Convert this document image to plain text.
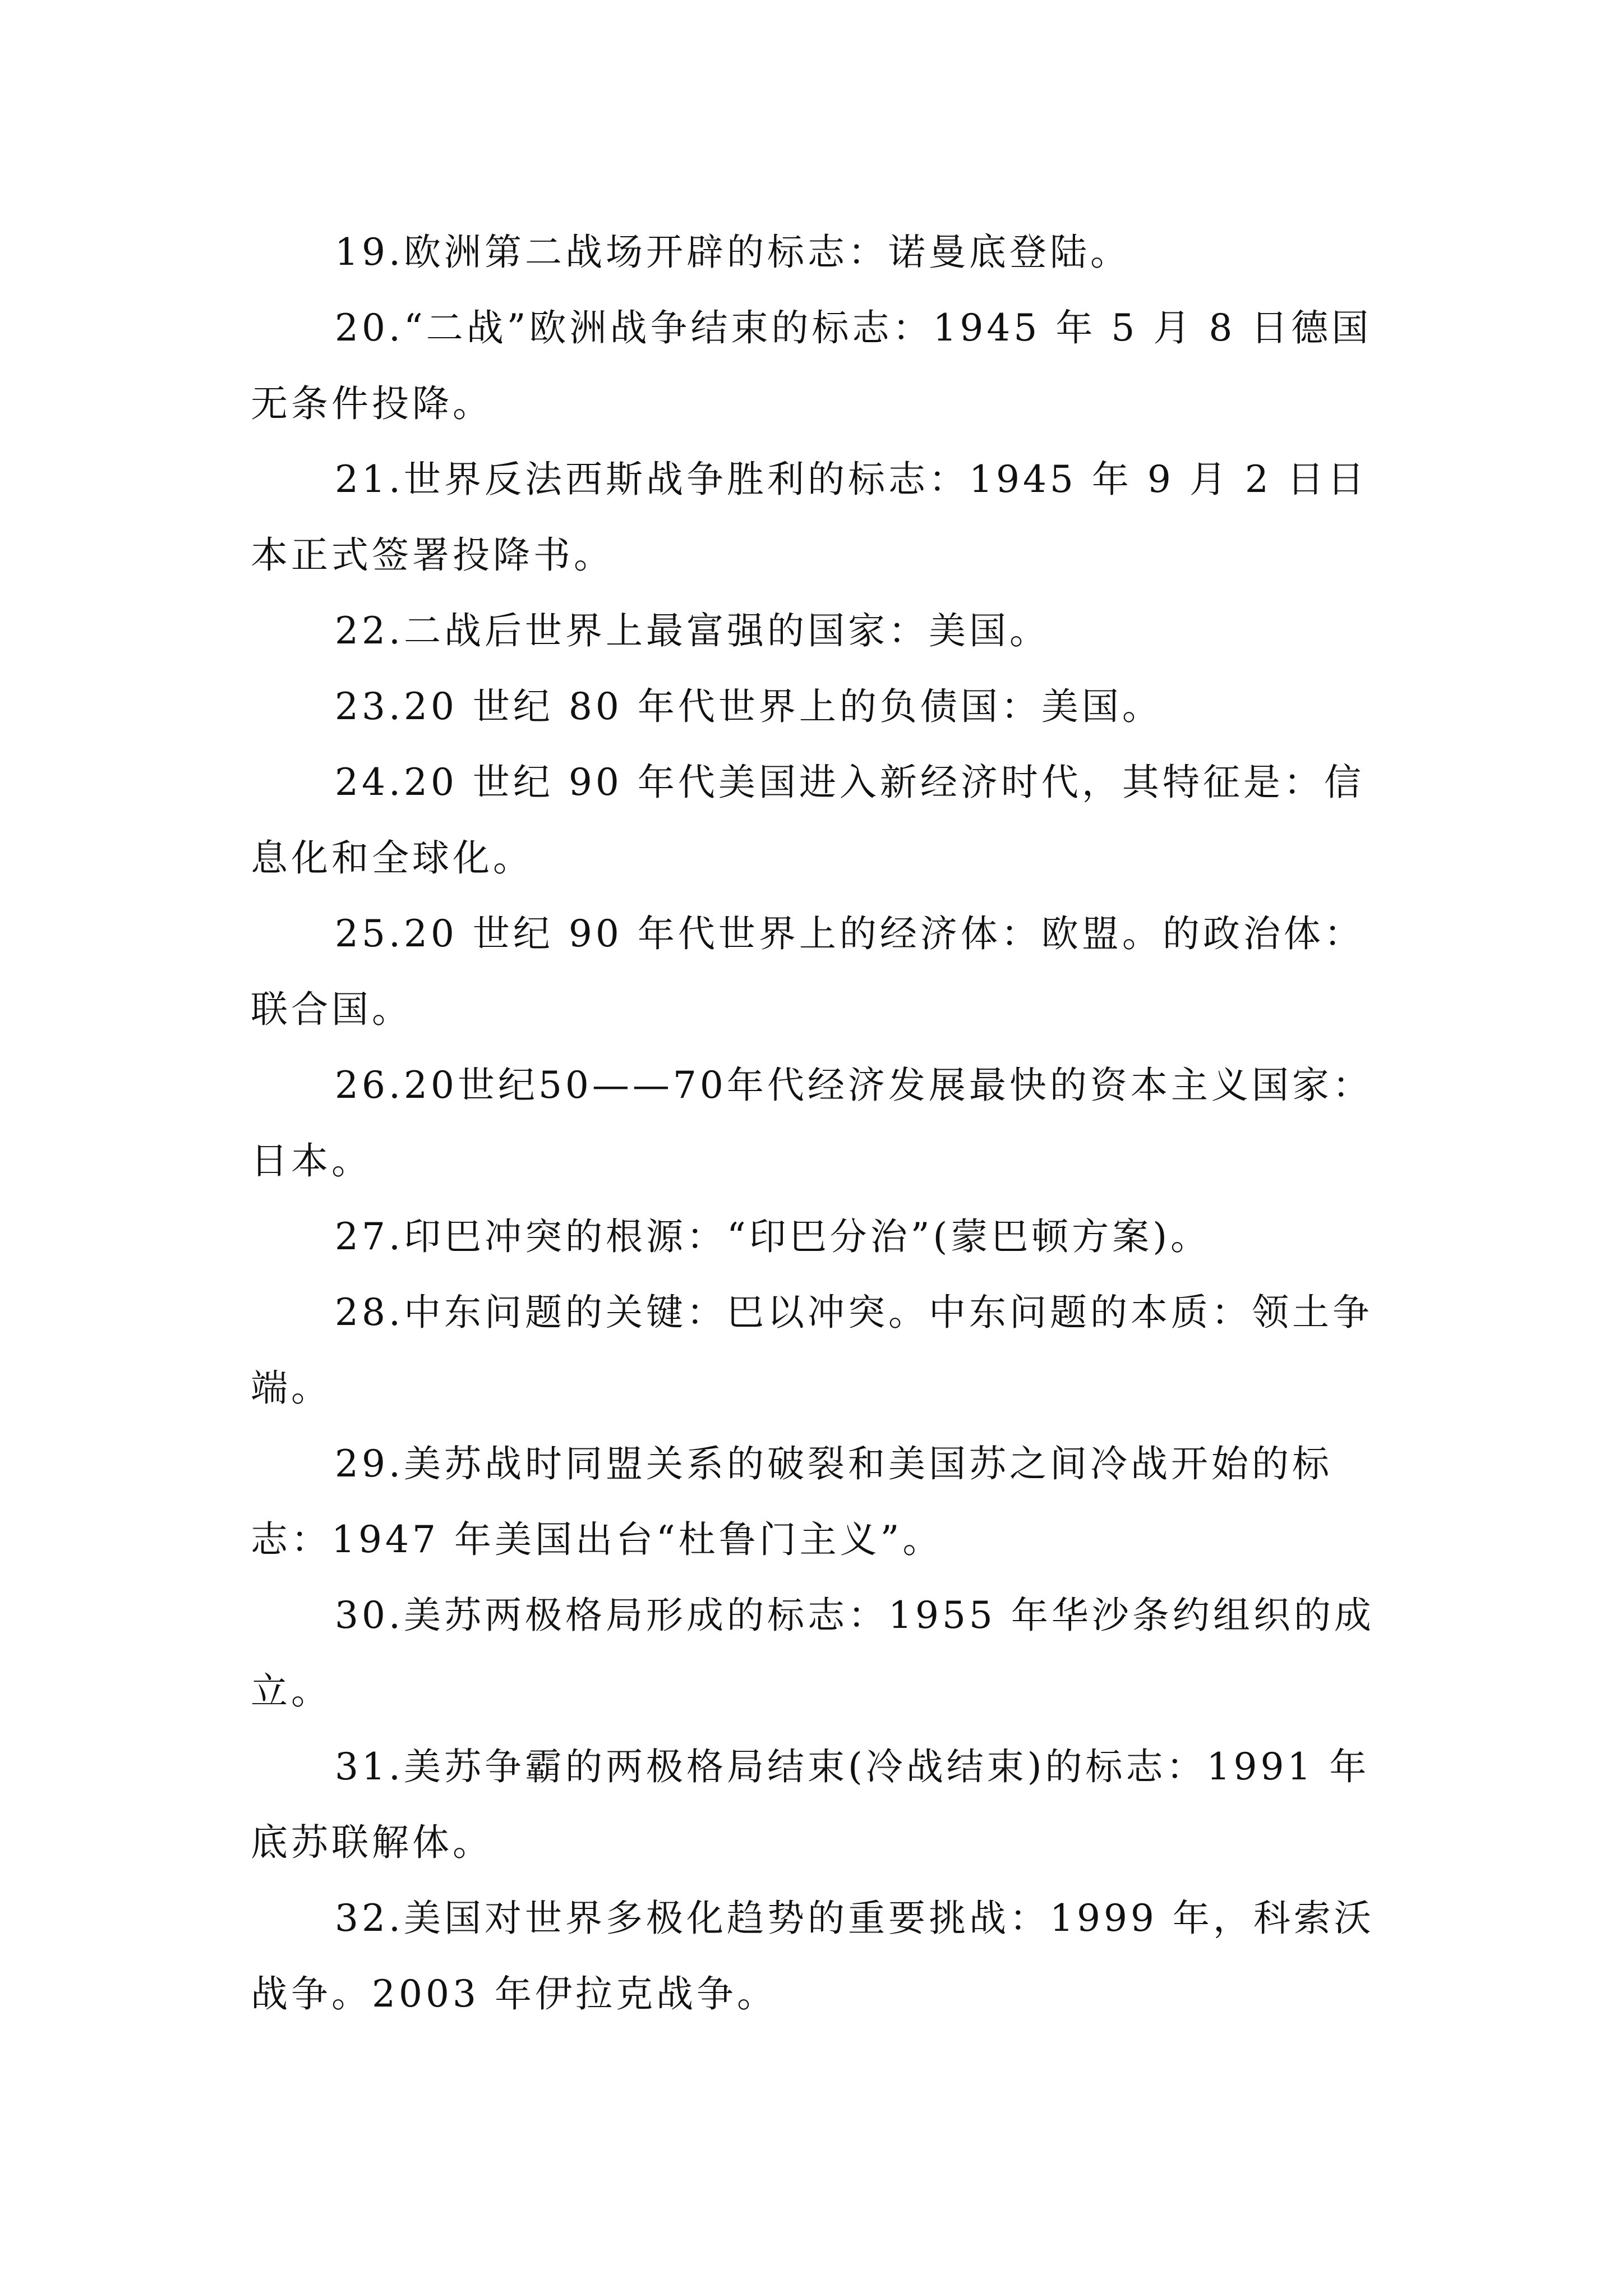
19.欧洲第二战场开辟的标志：诺曼底登陆。

20.“二战”欧洲战争结束的标志：1945 年 5 月 8 日德国无条件投降。

21.世界反法西斯战争胜利的标志：1945 年 9 月 2 日日本正式签署投降书。

22.二战后世界上最富强的国家：美国。

23.20 世纪 80 年代世界上的负债国：美国。

24.20 世纪 90 年代美国进入新经济时代，其特征是：信息化和全球化。

25.20 世纪 90 年代世界上的经济体：欧盟。的政治体：联合国。

26.20世纪50——70年代经济发展最快的资本主义国家：日本。

27.印巴冲突的根源：“印巴分治”(蒙巴顿方案)。

28.中东问题的关键：巴以冲突。中东问题的本质：领土争端。

29.美苏战时同盟关系的破裂和美国苏之间冷战开始的标志：1947 年美国出台“杜鲁门主义”。

30.美苏两极格局形成的标志：1955 年华沙条约组织的成立。

31.美苏争霸的两极格局结束(冷战结束)的标志：1991 年底苏联解体。

32.美国对世界多极化趋势的重要挑战：1999 年，科索沃战争。2003 年伊拉克战争。
